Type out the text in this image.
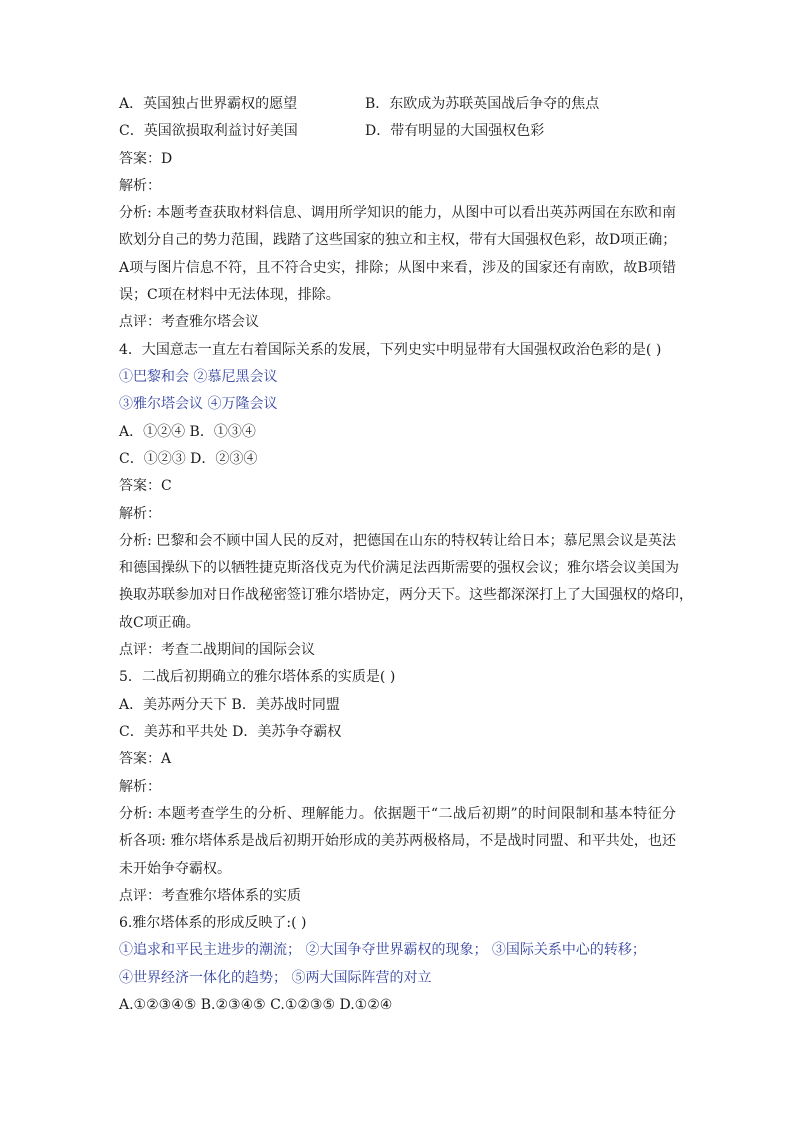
A．英国独占世界霸权的愿望	B．东欧成为苏联英国战后争夺的焦点
C．英国欲损取利益讨好美国	D．带有明显的大国强权色彩
答案：D
解析：
分析: 本题考查获取材料信息、调用所学知识的能力，从图中可以看出英苏两国在东欧和南
欧划分自己的势力范围，践踏了这些国家的独立和主权，带有大国强权色彩，故D项正确；
A项与图片信息不符，且不符合史实，排除；从图中来看，涉及的国家还有南欧，故B项错
误；C项在材料中无法体现，排除。
点评：考查雅尔塔会议
4．大国意志一直左右着国际关系的发展，下列史实中明显带有大国强权政治色彩的是( )
①巴黎和会 ②慕尼黑会议
③雅尔塔会议 ④万隆会议
A．①②④ B．①③④
C．①②③ D．②③④
答案：C
解析：
分析: 巴黎和会不顾中国人民的反对，把德国在山东的特权转让给日本；慕尼黑会议是英法
和德国操纵下的以牺牲捷克斯洛伐克为代价满足法西斯需要的强权会议；雅尔塔会议美国为
换取苏联参加对日作战秘密签订雅尔塔协定，两分天下。这些都深深打上了大国强权的烙印，
故C项正确。
点评：考查二战期间的国际会议
5．二战后初期确立的雅尔塔体系的实质是( )
A．美苏两分天下 B．美苏战时同盟
C．美苏和平共处 D．美苏争夺霸权
答案：A
解析：
分析: 本题考查学生的分析、理解能力。依据题干“二战后初期”的时间限制和基本特征分
析各项: 雅尔塔体系是战后初期开始形成的美苏两极格局，不是战时同盟、和平共处，也还
未开始争夺霸权。
点评：考查雅尔塔体系的实质
6.雅尔塔体系的形成反映了:( )
①追求和平民主进步的潮流； ②大国争夺世界霸权的现象； ③国际关系中心的转移；
④世界经济一体化的趋势； ⑤两大国际阵营的对立
A.①②③④⑤ B.②③④⑤ C.①②③⑤ D.①②④
